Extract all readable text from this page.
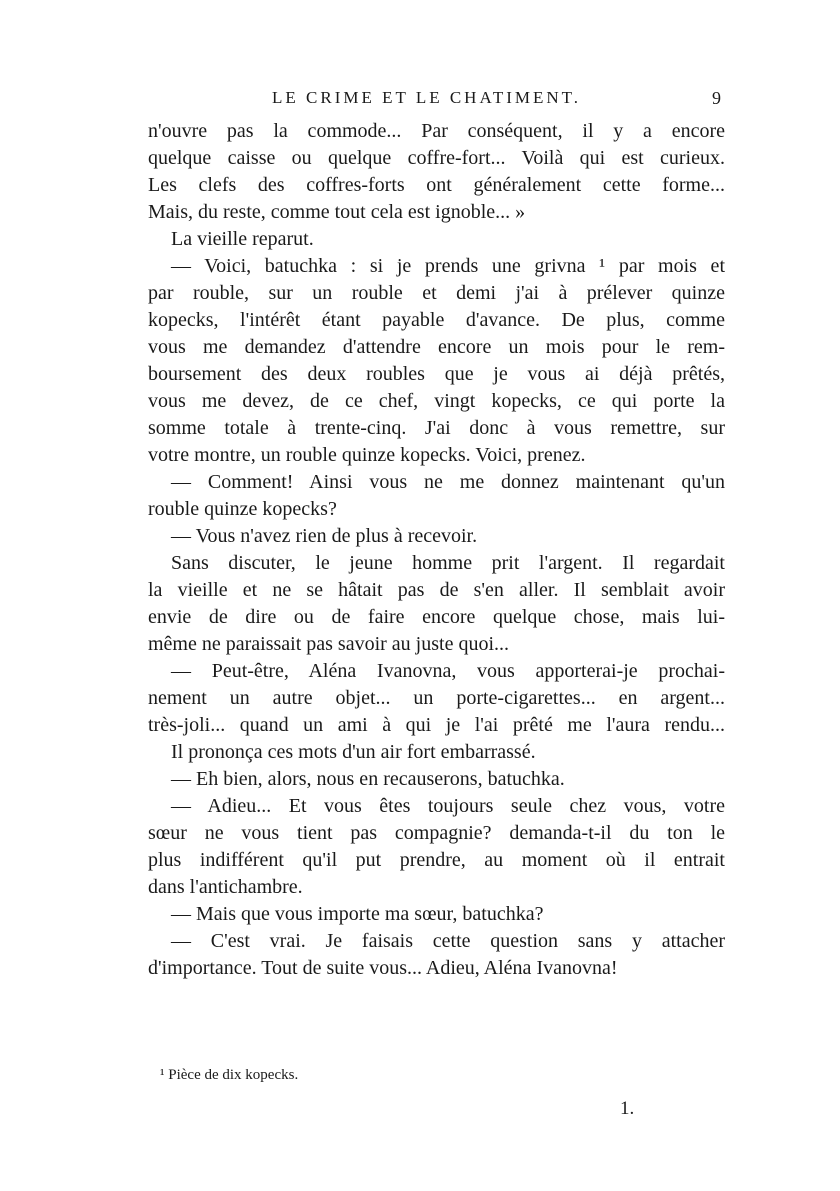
LE CRIME ET LE CHATIMENT.	9
n'ouvre pas la commode... Par conséquent, il y a encore
quelque caisse ou quelque coffre-fort... Voilà qui est curieux.
Les clefs des coffres-forts ont généralement cette forme...
Mais, du reste, comme tout cela est ignoble... »
La vieille reparut.
— Voici, batuchka : si je prends une grivna ¹ par mois et
par rouble, sur un rouble et demi j'ai à prélever quinze
kopecks, l'intérêt étant payable d'avance. De plus, comme
vous me demandez d'attendre encore un mois pour le rem-
boursement des deux roubles que je vous ai déjà prêtés,
vous me devez, de ce chef, vingt kopecks, ce qui porte la
somme totale à trente-cinq. J'ai donc à vous remettre, sur
votre montre, un rouble quinze kopecks. Voici, prenez.
— Comment! Ainsi vous ne me donnez maintenant qu'un
rouble quinze kopecks?
— Vous n'avez rien de plus à recevoir.
Sans discuter, le jeune homme prit l'argent. Il regardait
la vieille et ne se hâtait pas de s'en aller. Il semblait avoir
envie de dire ou de faire encore quelque chose, mais lui-
même ne paraissait pas savoir au juste quoi...
— Peut-être, Aléna Ivanovna, vous apporterai-je prochai-
nement un autre objet... un porte-cigarettes... en argent...
très-joli... quand un ami à qui je l'ai prêté me l'aura rendu...
Il prononça ces mots d'un air fort embarrassé.
— Eh bien, alors, nous en recauserons, batuchka.
— Adieu... Et vous êtes toujours seule chez vous, votre
sœur ne vous tient pas compagnie? demanda-t-il du ton le
plus indifférent qu'il put prendre, au moment où il entrait
dans l'antichambre.
— Mais que vous importe ma sœur, batuchka?
— C'est vrai. Je faisais cette question sans y attacher
d'importance. Tout de suite vous... Adieu, Aléna Ivanovna!
¹ Pièce de dix kopecks.
1.
